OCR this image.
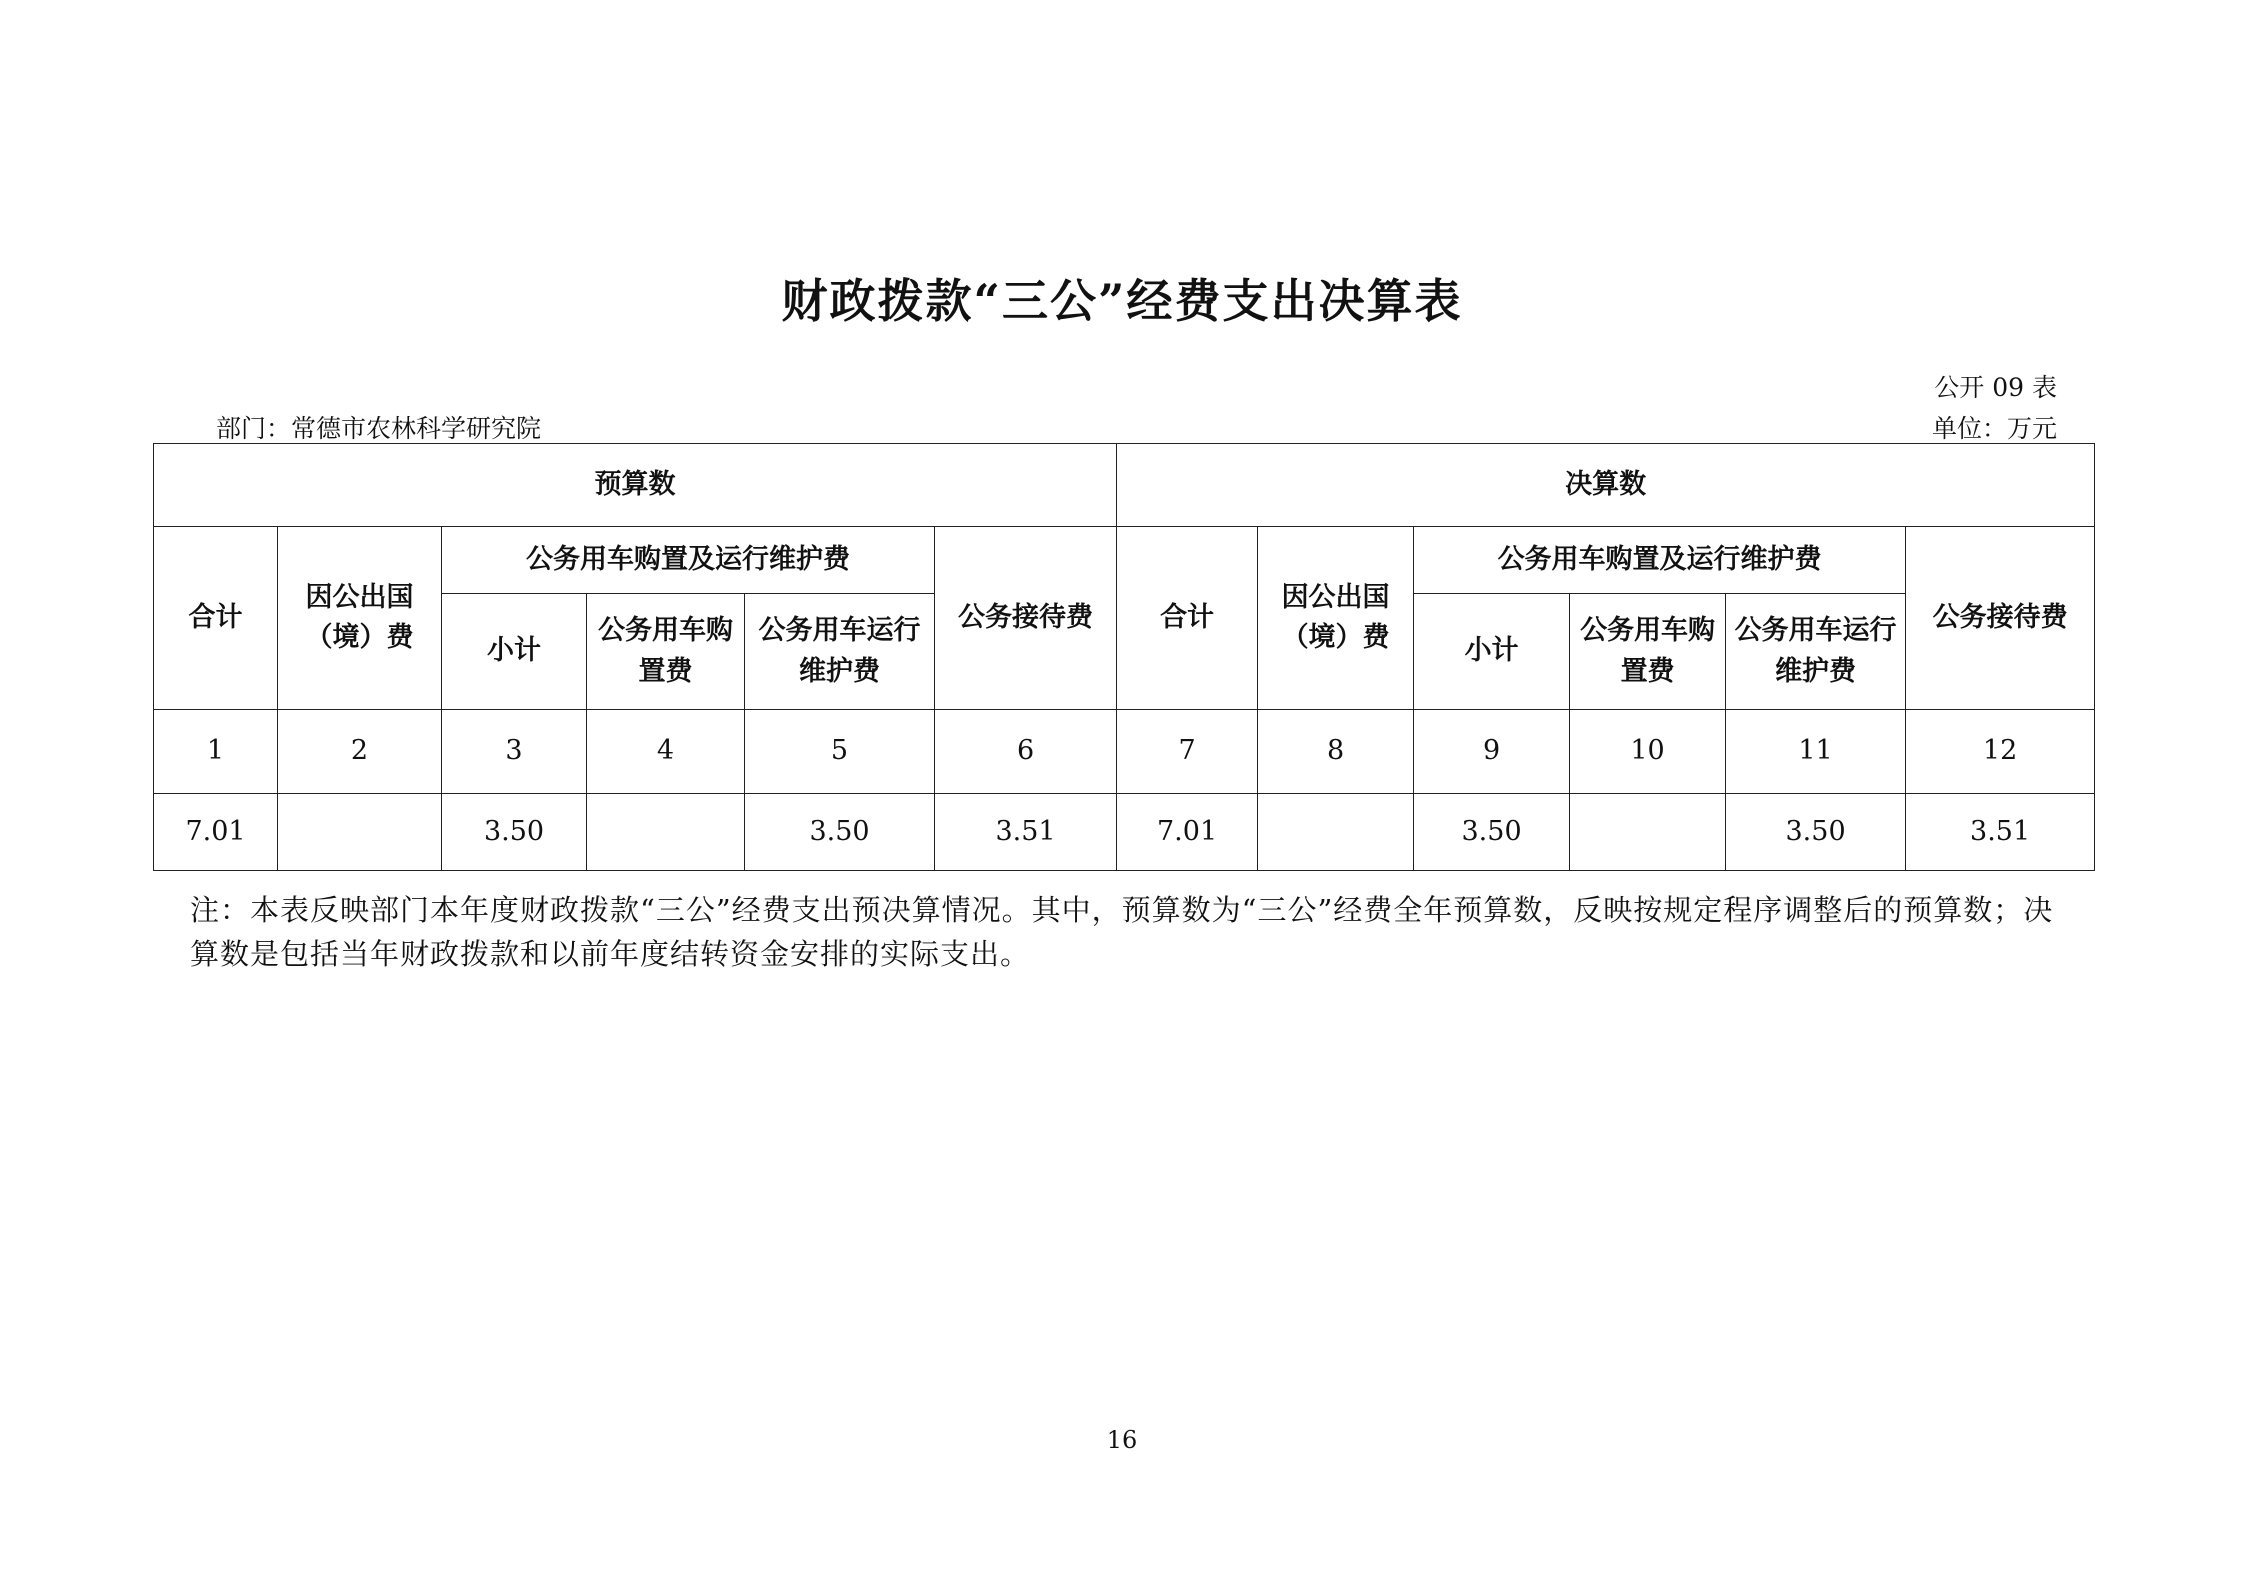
财政拨款“三公”经费支出决算表
公开 09 表
部门：常德市农林科学研究院	单位：万元
预算数						决算数					
合计	因公出国（境）费	公务用车购置及运行维护费			公务接待费	合计	因公出国（境）费	公务用车购置及运行维护费			公务接待费
		小计	公务用车购置费	公务用车运行维护费				小计	公务用车购置费	公务用车运行维护费	
1	2	3	4	5	6	7	8	9	10	11	12
7.01		3.50		3.50	3.51	7.01		3.50		3.50	3.51
注：本表反映部门本年度财政拨款“三公”经费支出预决算情况。其中，预算数为“三公”经费全年预算数，反映按规定程序调整后的预算数；决算数是包括当年财政拨款和以前年度结转资金安排的实际支出。
16
